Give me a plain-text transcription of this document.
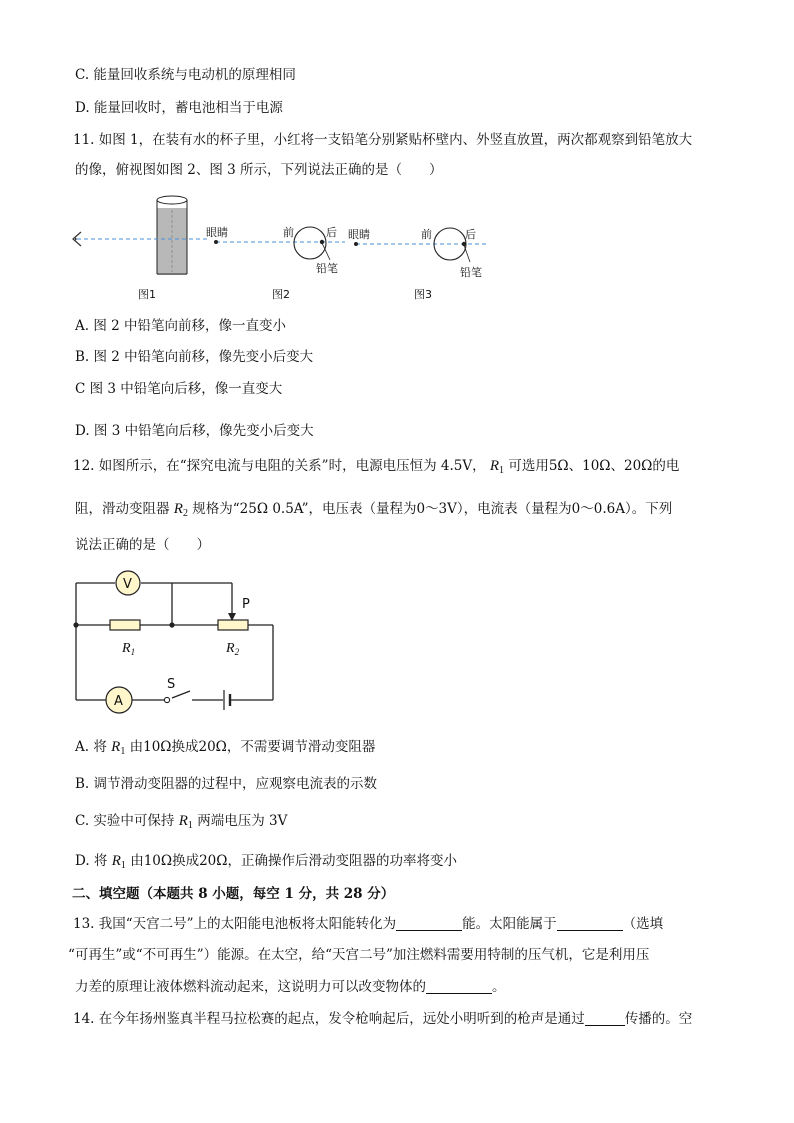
C. 能量回收系统与电动机的原理相同
D. 能量回收时，蓄电池相当于电源
11. 如图 1，在装有水的杯子里，小红将一支铅笔分别紧贴杯壁内、外竖直放置，两次都观察到铅笔放大
的像，俯视图如图 2、图 3 所示，下列说法正确的是（　　）
眼睛	前	后
铅笔
眼睛	前	后
铅笔
图1	图2	图3
A. 图 2 中铅笔向前移，像一直变小
B. 图 2 中铅笔向前移，像先变小后变大
C 图 3 中铅笔向后移，像一直变大
D. 图 3 中铅笔向后移，像先变小后变大
12. 如图所示，在“探究电流与电阻的关系”时，电源电压恒为 4.5V， $R_1$ 可选用5Ω、10Ω、20Ω的电
阻，滑动变阻器 $R_2$ 规格为“25Ω 0.5A”，电压表（量程为0～3V），电流表（量程为0～0.6A）。下列
说法正确的是（　　）
V
$R_1$	$R_2$
P
A
S
A. 将 $R_1$ 由10Ω换成20Ω，不需要调节滑动变阻器
B. 调节滑动变阻器的过程中，应观察电流表的示数
C. 实验中可保持 $R_1$ 两端电压为 3V
D. 将 $R_1$ 由10Ω换成20Ω，正确操作后滑动变阻器的功率将变小
二、填空题（本题共 8 小题，每空 1 分，共 28 分）
13. 我国“天宫二号”上的太阳能电池板将太阳能转化为	能。太阳能属于	（选填
“可再生”或“不可再生”）能源。在太空，给“天宫二号”加注燃料需要用特制的压气机，它是利用压
力差的原理让液体燃料流动起来，这说明力可以改变物体的	。
14. 在今年扬州鉴真半程马拉松赛的起点，发令枪响起后，远处小明听到的枪声是通过	传播的。空
